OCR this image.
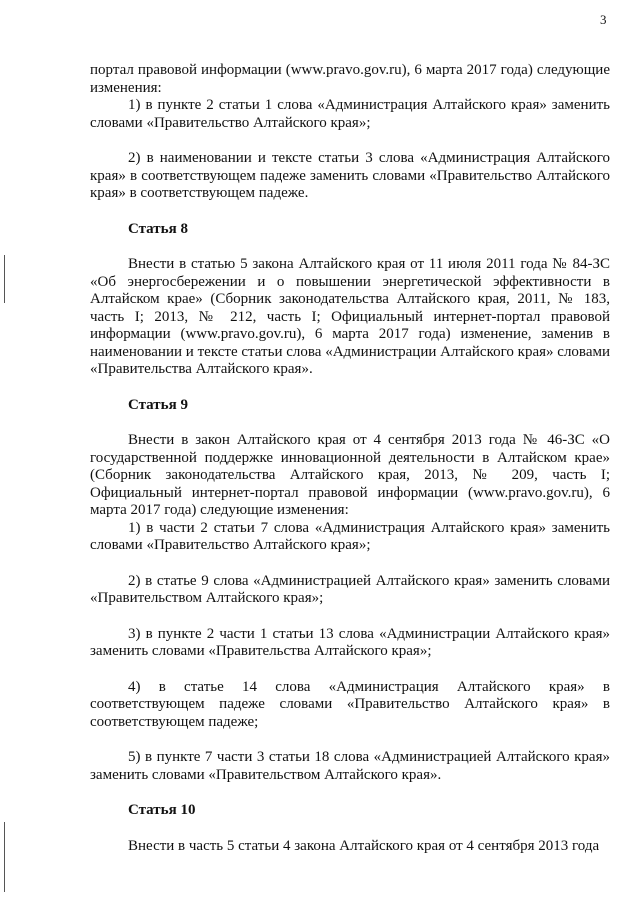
3

портал правовой информации (www.pravo.gov.ru), 6 марта 2017 года) следующие изменения:

1) в пункте 2 статьи 1 слова «Администрация Алтайского края» заменить словами «Правительство Алтайского края»;

2) в наименовании и тексте статьи 3 слова «Администрация Алтайского края» в соответствующем падеже заменить словами «Правительство Алтайского края» в соответствующем падеже.

Статья 8

Внести в статью 5 закона Алтайского края от 11 июля 2011 года № 84-ЗС «Об энергосбережении и о повышении энергетической эффективности в Алтайском крае» (Сборник законодательства Алтайского края, 2011, № 183, часть I; 2013, № 212, часть I; Официальный интернет-портал правовой информации (www.pravo.gov.ru), 6 марта 2017 года) изменение, заменив в наименовании и тексте статьи слова «Администрации Алтайского края» словами «Правительства Алтайского края».

Статья 9

Внести в закон Алтайского края от 4 сентября 2013 года № 46-ЗС «О государственной поддержке инновационной деятельности в Алтайском крае» (Сборник законодательства Алтайского края, 2013, № 209, часть I; Официальный интернет-портал правовой информации (www.pravo.gov.ru), 6 марта 2017 года) следующие изменения:

1) в части 2 статьи 7 слова «Администрация Алтайского края» заменить словами «Правительство Алтайского края»;

2) в статье 9 слова «Администрацией Алтайского края» заменить словами «Правительством Алтайского края»;

3) в пункте 2 части 1 статьи 13 слова «Администрации Алтайского края» заменить словами «Правительства Алтайского края»;

4) в статье 14 слова «Администрация Алтайского края» в соответствующем падеже словами «Правительство Алтайского края» в соответствующем падеже;

5) в пункте 7 части 3 статьи 18 слова «Администрацией Алтайского края» заменить словами «Правительством Алтайского края».

Статья 10

Внести в часть 5 статьи 4 закона Алтайского края от 4 сентября 2013 года
